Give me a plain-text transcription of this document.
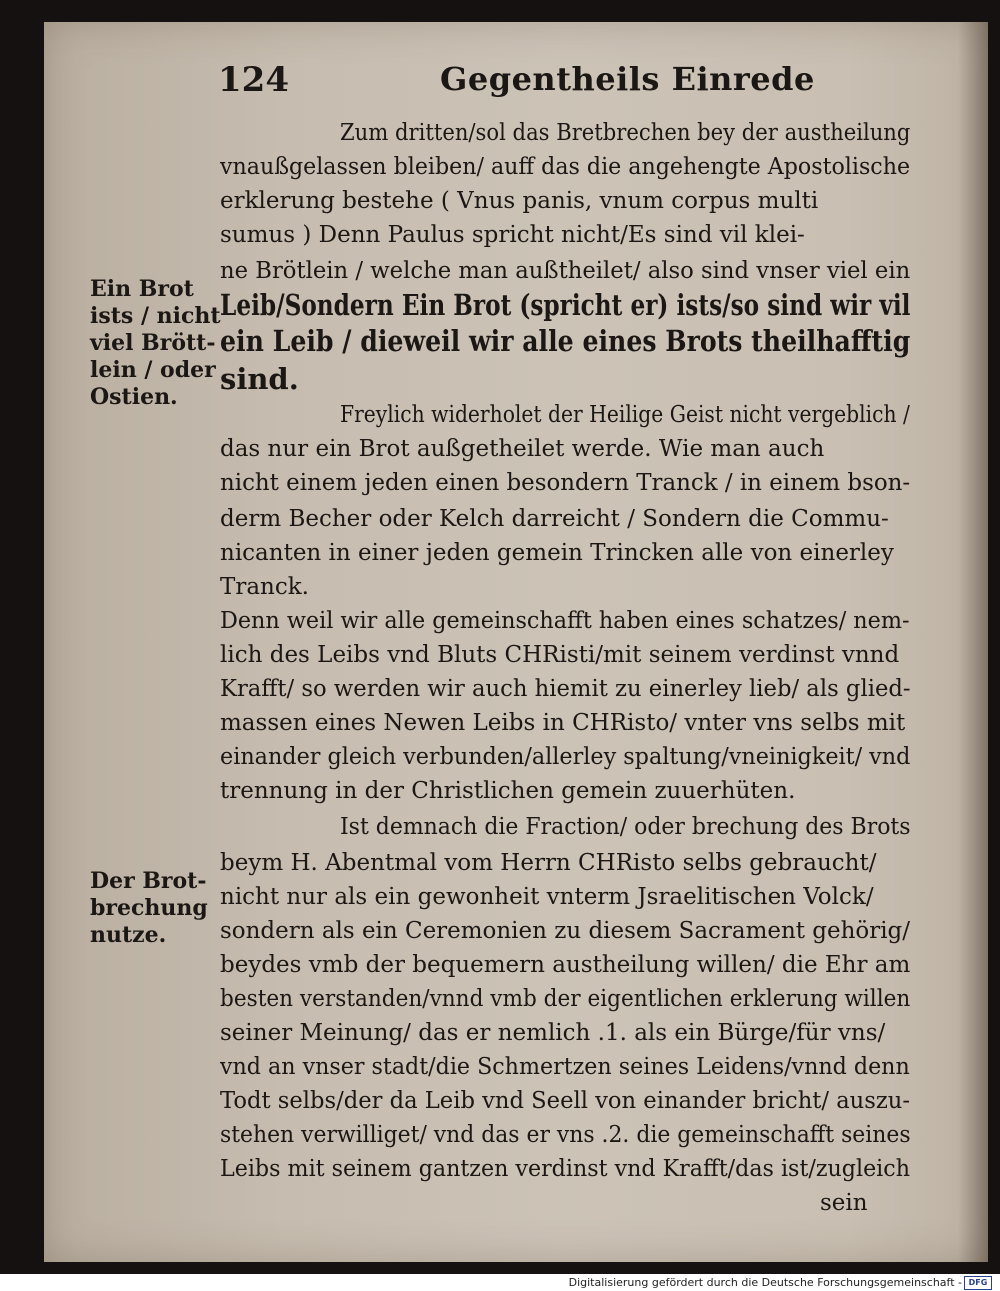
124	Gegentheils Einrede
Zum dritten/sol das Bretbrechen bey der austheilung
vnaußgelassen bleiben/ auff das die angehengte Apostolische
erklerung bestehe ( Vnus panis, vnum corpus multi
sumus ) Denn Paulus spricht nicht/Es sind vil klei-
ne Brötlein / welche man außtheilet/ also sind vnser viel ein
Leib/Sondern Ein Brot (spricht er) ists/so sind wir vil
ein Leib / dieweil wir alle eines Brots theilhafftig
sind.
Freylich widerholet der Heilige Geist nicht vergeblich /
das nur ein Brot außgetheilet werde. Wie man auch
nicht einem jeden einen besondern Tranck / in einem bson-
derm Becher oder Kelch darreicht / Sondern die Commu-
nicanten in einer jeden gemein Trincken alle von einerley
Tranck.
Denn weil wir alle gemeinschafft haben eines schatzes/ nem-
lich des Leibs vnd Bluts CHRisti/mit seinem verdinst vnnd
Krafft/ so werden wir auch hiemit zu einerley lieb/ als glied-
massen eines Newen Leibs in CHRisto/ vnter vns selbs mit
einander gleich verbunden/allerley spaltung/vneinigkeit/ vnd
trennung in der Christlichen gemein zuuerhüten.
Ist demnach die Fraction/ oder brechung des Brots
beym H. Abentmal vom Herrn CHRisto selbs gebraucht/
nicht nur als ein gewonheit vnterm Jsraelitischen Volck/
sondern als ein Ceremonien zu diesem Sacrament gehörig/
beydes vmb der bequemern austheilung willen/ die Ehr am
besten verstanden/vnnd vmb der eigentlichen erklerung willen
seiner Meinung/ das er nemlich .1. als ein Bürge/für vns/
vnd an vnser stadt/die Schmertzen seines Leidens/vnnd denn
Todt selbs/der da Leib vnd Seell von einander bricht/ auszu-
stehen verwilliget/ vnd das er vns .2. die gemeinschafft seines
Leibs mit seinem gantzen verdinst vnd Krafft/das ist/zugleich
sein
Ein Brot
ists / nicht
viel Brött-
lein / oder
Ostien.
Der Brot-
brechung
nutze.
Digitalisierung gefördert durch die Deutsche Forschungsgemeinschaft - DFG
